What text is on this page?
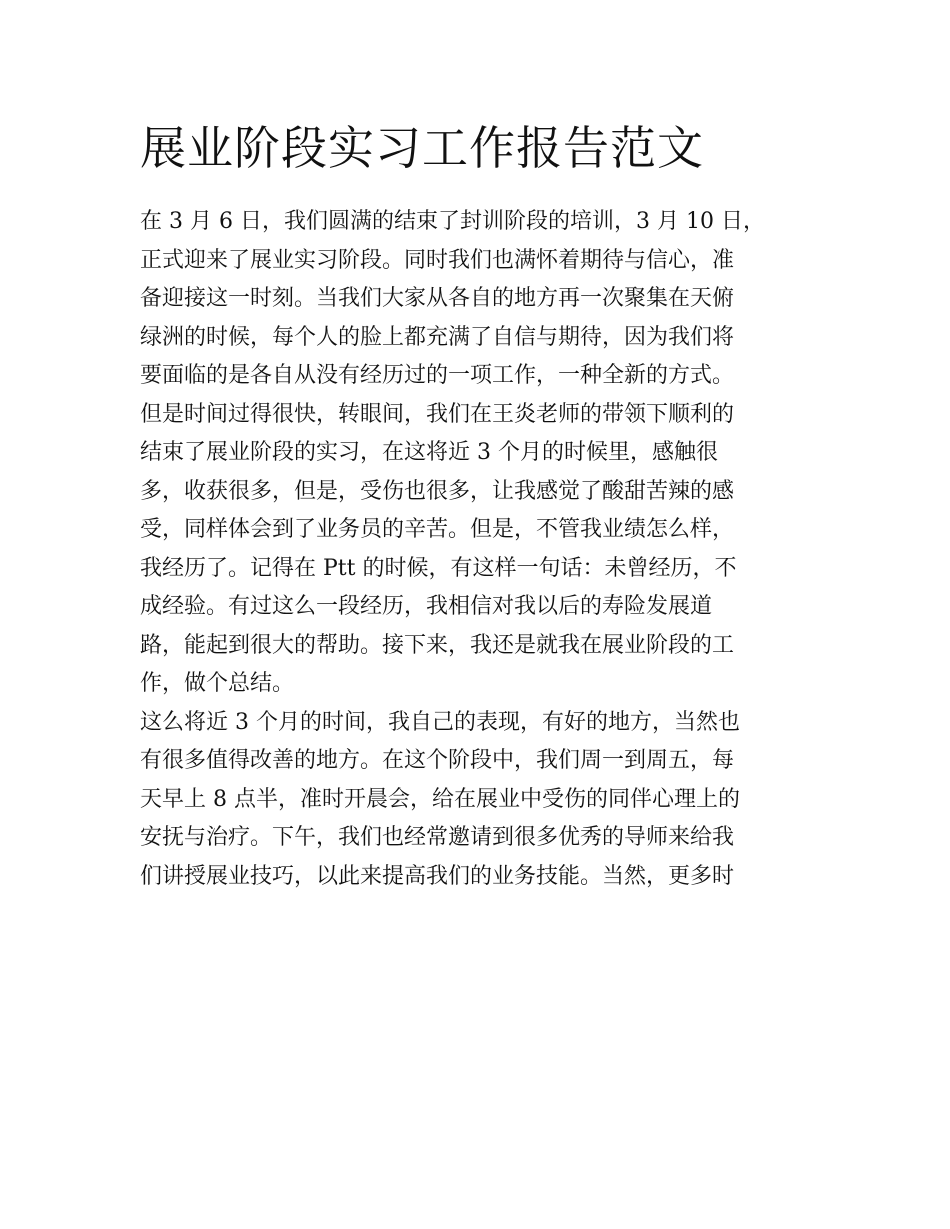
展业阶段实习工作报告范文
在 3 月 6 日，我们圆满的结束了封训阶段的培训，3 月 10 日，
正式迎来了展业实习阶段。同时我们也满怀着期待与信心，准
备迎接这一时刻。当我们大家从各自的地方再一次聚集在天俯
绿洲的时候，每个人的脸上都充满了自信与期待，因为我们将
要面临的是各自从没有经历过的一项工作，一种全新的方式。
但是时间过得很快，转眼间，我们在王炎老师的带领下顺利的
结束了展业阶段的实习，在这将近 3 个月的时候里，感触很
多，收获很多，但是，受伤也很多，让我感觉了酸甜苦辣的感
受，同样体会到了业务员的辛苦。但是，不管我业绩怎么样，
我经历了。记得在 Ptt 的时候，有这样一句话：未曾经历，不
成经验。有过这么一段经历，我相信对我以后的寿险发展道
路，能起到很大的帮助。接下来，我还是就我在展业阶段的工
作，做个总结。
这么将近 3 个月的时间，我自己的表现，有好的地方，当然也
有很多值得改善的地方。在这个阶段中，我们周一到周五，每
天早上 8 点半，准时开晨会，给在展业中受伤的同伴心理上的
安抚与治疗。下午，我们也经常邀请到很多优秀的导师来给我
们讲授展业技巧，以此来提高我们的业务技能。当然，更多时
